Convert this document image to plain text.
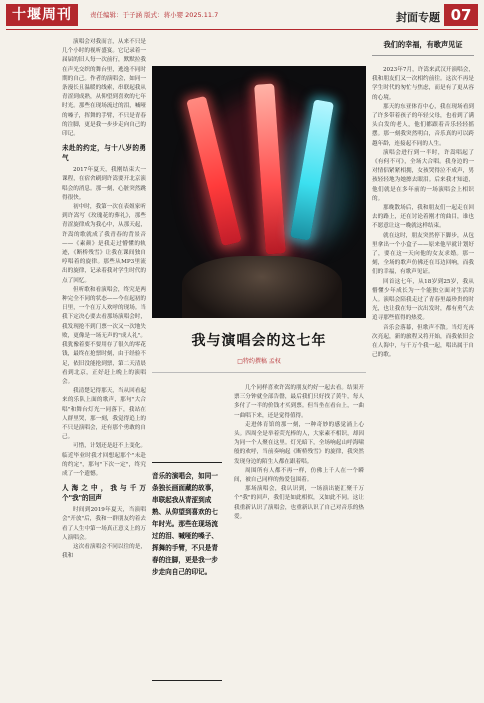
十堰周刊	责任编辑：于子涵 版式：蒋小婴 2025.11.7	封面专题 07

演唱会对我而言，从来不只是几个小时的视听盛宴。它记录着一届届的旧人每一次前行，默默拉我在声光交织的舞台里，逃逸不同时期的自己。作者的演唱会，如同一条漫长且温暖的线索，串联起我从青涩到成熟，从仰望到喜欢的七年时光。那些在现场流过的泪，喊哑的嗓子，挥舞的手臂，不只是青春的注脚，更是我一步步走向自己的印记。

未赴的约定，与十八岁的勇气

2017年夏天，我刚结束大一课程，在宿舍刷到许嵩要开北京演唱会的消息。那一刻，心脏突然跳得很快。

初中时，我第一次在表姐家听到许嵩写《玫瑰花的葬礼》，那些青涩旋律成为我心中，从那天起，许嵩的歌就成了我青春的背景音——《素颜》是我走过懵懂的轨迹，《断桥残雪》让我在课间独自哼唱着的旋律。那些从MP3里流出的旋律，记录着我对学生时代的点了回忆。

但听歌和看演唱会，终究是两种完全不同的状态——今在起初的日里，一个在万人欢呼的现场。当我下定决心要去看那场演唱会时，我发现抢不到门票一次又一次地失败，更像是一场无声的"成人礼"。我犹豫着要不要用存了很久的零花钱，最终在抢票时刻，由于经验不足，依旧没能抢到票，第二天清晨看到北京，正好赶上晚上的演唱会。

我清楚记得那天，当从回看起来的乐队上面的歌声，那句"大合唱"和舞台灯光一同落下，我站在人群里哭，那一刻，我觉得追上的不只是演唱会，还有那个勇敢的自己。

可惜，计划还是赶不上变化。临近毕业时我才回想起那个"未赴的约定"，那句"下次一定"，终究成了一个遗憾。

人海之中，我与千万个"我"的回声

时间到2019年夏天，当演唱会"开放"后，我和一群朋友约着去看了人生中第一场真正意义上的万人演唱会。

这次看演唱会不同以往的是，我和

我与演唱会的这七年
□特约撰稿 孟权
音乐的演唱会，如同一条独长画面藏的故事，串联起我从青涩到成熟、从仰望到喜欢的七年时光。那些在现场流过的泪、喊哑的嗓子、挥舞的手臂，不只是青春的注脚，更是我一步步走向自己的印记。

几个同样喜欢许嵩的朋友约好一起去看。结果开票三分钟就全部告罄，最后我们只好找了黄牛，每人多付了一半的价钱才买到票。但当坐在看台上，一曲一曲唱下来，还是觉得值得。

走进体育馆的那一刻，一种奇妙的感觉涌上心头。四周全是举着荧光棒的人，大家素不相识，却因为同一个人聚在这里。灯光暗下，全场响起山呼海啸般的欢呼，当前奏响起《断桥残雪》的旋律，我突然发现身边的陌生人都在跟着唱。

周围所有人都不再一样，仿佛上千人在一个瞬间，被自己同样的热爱包围着。

那场演唱会，我认识到，一场演出能汇聚千万个"我"的回声，我们是如此相似，又如此不同。这让我重新认识了演唱会，也重新认识了自己对音乐的热爱。

我们的幸福，有歌声见证

2023年7月，许嵩来武汉开演唱会，我和朋友们又一次相约前往。这次不再是学生时代的匆忙与焦虑，而是有了更从容的心境。

那天的东亚体育中心，我在现场看到了许多带着孩子的年轻父母，也看到了满头白发的老人，他们都跟着音乐轻轻摇摆。那一刻我突然明白，音乐真的可以跨越年龄，连接起不同的人生。

演唱会进行到一半时，许嵩唱起了《有何不可》，全场大合唱。我身边的一对情侣紧紧相拥，女孩哭得泣不成声，男孩轻轻地为她擦去眼泪。后来我才知道，他们就是在多年前的一场演唱会上相识的。

那晚散场后，我和朋友们一起走在回去的路上，还在讨论着刚才的曲目，谁也不愿意让这一晚就这样结束。

就在这时，朋友突然停下脚步，从包里拿出一个小盒子——原来他早就计划好了，要在这一天向他的女友求婚。那一刻，全场的歌声仿佛还在耳边回响，而我们的幸福，有歌声见证。

回首这七年，从18岁到25岁，我从懵懂少年成长为一个能独立面对生活的人。演唱会陪我走过了青春里最珍贵的时光，也让我在每一次出发时，都有勇气去追寻那些值得的热爱。

音乐会落幕，但歌声不散。当灯光再次亮起，新的旅程又将开始，而我依旧会在人海中，与千万个我一起，唱出属于自己的歌。
